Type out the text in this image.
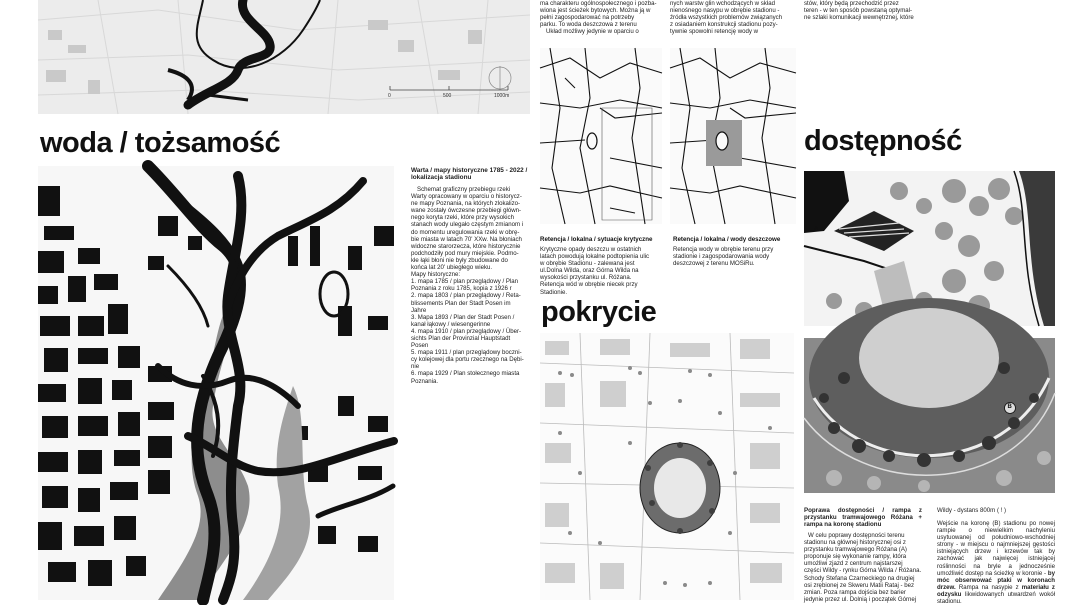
0	500	1000m

ma charakteru ogólnospołecznego i pozba-

wiona jest ścieżek bytowych. Można ją w

pełni zagospodarować na potrzeby

parku. To woda deszczowa z terenu

Układ możliwy jedynie w oparciu o

nych warstw glin wchodzących w skład

nienośnego nasypu w obrębie stadionu -

źródła wszystkich problemów związanych

z osiadaniem konstrukcji stadionu pozy-

tywnie spowolni retencję wody w

stów, który będą przechodzić przez

teren - w ten sposób powstaną optymal-

ne szlaki komunikacji wewnętrznej, które

woda / tożsamość
pokrycie
dostępność
Warta / mapy historyczne 1785 - 2022 / lokalizacja stadionu

Schemat graficzny przebiegu rzeki

Warty opracowany w oparciu o historycz-

ne mapy Poznania, na których zlokalizo-

wane zostały ówczesne przebiegi główn-

nego koryta rzeki, które przy wysokich

stanach wody ulegało częstym zmianom i

do momentu uregulowania rzeki w obrę-

bie miasta w latach 70' XXw. Na błoniach

widoczne starorzecza, które historycznie

podchodziły pod mury miejskie. Podmo-

kłe łąki błoni nie były zbudowane do

końca lat 20' ubiegłego wieku.

Mapy historyczne:

1. mapa 1785 / plan przeglądowy / Plan

Poznania z roku 1785, kopia z 1926 r

2. mapa 1803 / plan przeglądowy / Reta-

blissements Plan der Stadt Posen im

Jahre

3. Mapa 1893 / Plan der Stadt Posen /

kanał łąkowy / wiesengerinne

4. mapa 1910 / plan przeglądowy / Über-

sichts Plan der Provinzial Hauptstadt

Posen

5. mapa 1911 / plan przeglądowy boczni-

cy kolejowej dla portu rzecznego na Dębi-

nie

6. mapa 1929 / Plan stołecznego miasta

Poznania.

Retencja / lokalna / sytuacje krytyczne

Krytyczne opady deszczu w ostatnich

latach powodują lokalne podtopienia ulic

w obrębie Stadionu - zalewana jest

ul.Dolna Wilda, oraz Górna Wilda na

wysokości przystanku ul. Różana.

Retencja wód w obrębie niecek przy

Stadionie.

Retencja / lokalna / wody deszczowe

Retencja wody w obrębie terenu przy

stadionie i zagospodarowania wody

deszczowej z terenu MOSiRu.

A
B
Poprawa dostępności / rampa z przystanku tramwajowego Różana + rampa na koronę stadionu

W celu poprawy dostępności terenu

stadionu na głównej historycznej osi z

przystanku tramwajowego Różana (A)

proponuje się wykonanie rampy, która

umożliwi zjazd z centrum najstarszej

części Wildy - rynku Górna Wilda / Różana.

Schody Stefana Czarneckiego na drugiej

osi zrębionej ze Skweru Matii Rataj - bez

zmian. Poza rampa dojścia bez barier

jedynie przez ul. Dolnią i początek Górnej

Wildy - dystans 800m ( ! )

Wejście na koronę (B) stadionu po nowej rampie o niewielkim nachyleniu usytuowanej od południowo-wschodniej strony - w miejscu o najmniejszej gęstości istniejących drzew i krzewów tak by zachować jak najwięcej istniejącej roślinności na bryle a jednocześnie umożliwić dostęp na ścieżkę w koronie - by móc obserwować ptaki w koronach drzew. Rampa na nasypie z materiału z odzysku likwidowanych utwardzeń wokół stadionu.
